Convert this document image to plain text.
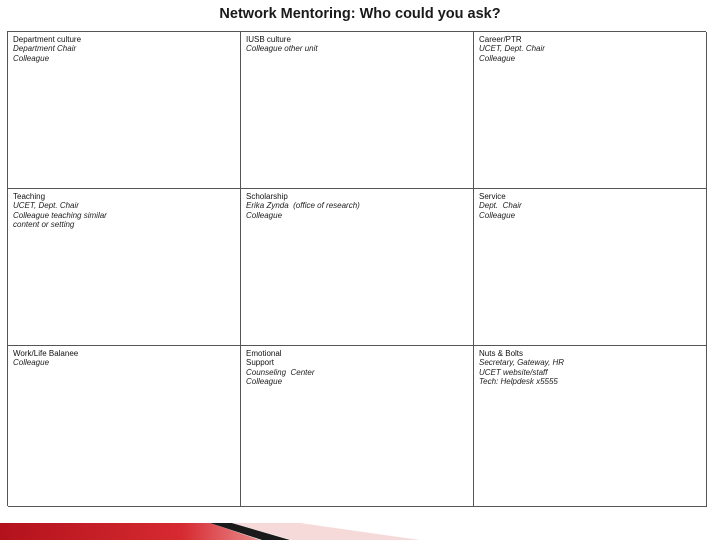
Network Mentoring: Who could you ask?
Department culture
Department Chair
Colleague
IUSB culture
Colleague other unit
Career/PTR
UCET, Dept. Chair
Colleague
Teaching
UCET, Dept. Chair
Colleague teaching similar
content or setting
Scholarship
Erika Zynda  (office of research)
Colleague
Service
Dept.  Chair
Colleague
Work/Life Balanee
Colleague
Emotional
Support
Counseling  Center
Colleague
Nuts & Bolts
Secretary, Gateway, HR
UCET website/staff
Tech: Helpdesk x5555
